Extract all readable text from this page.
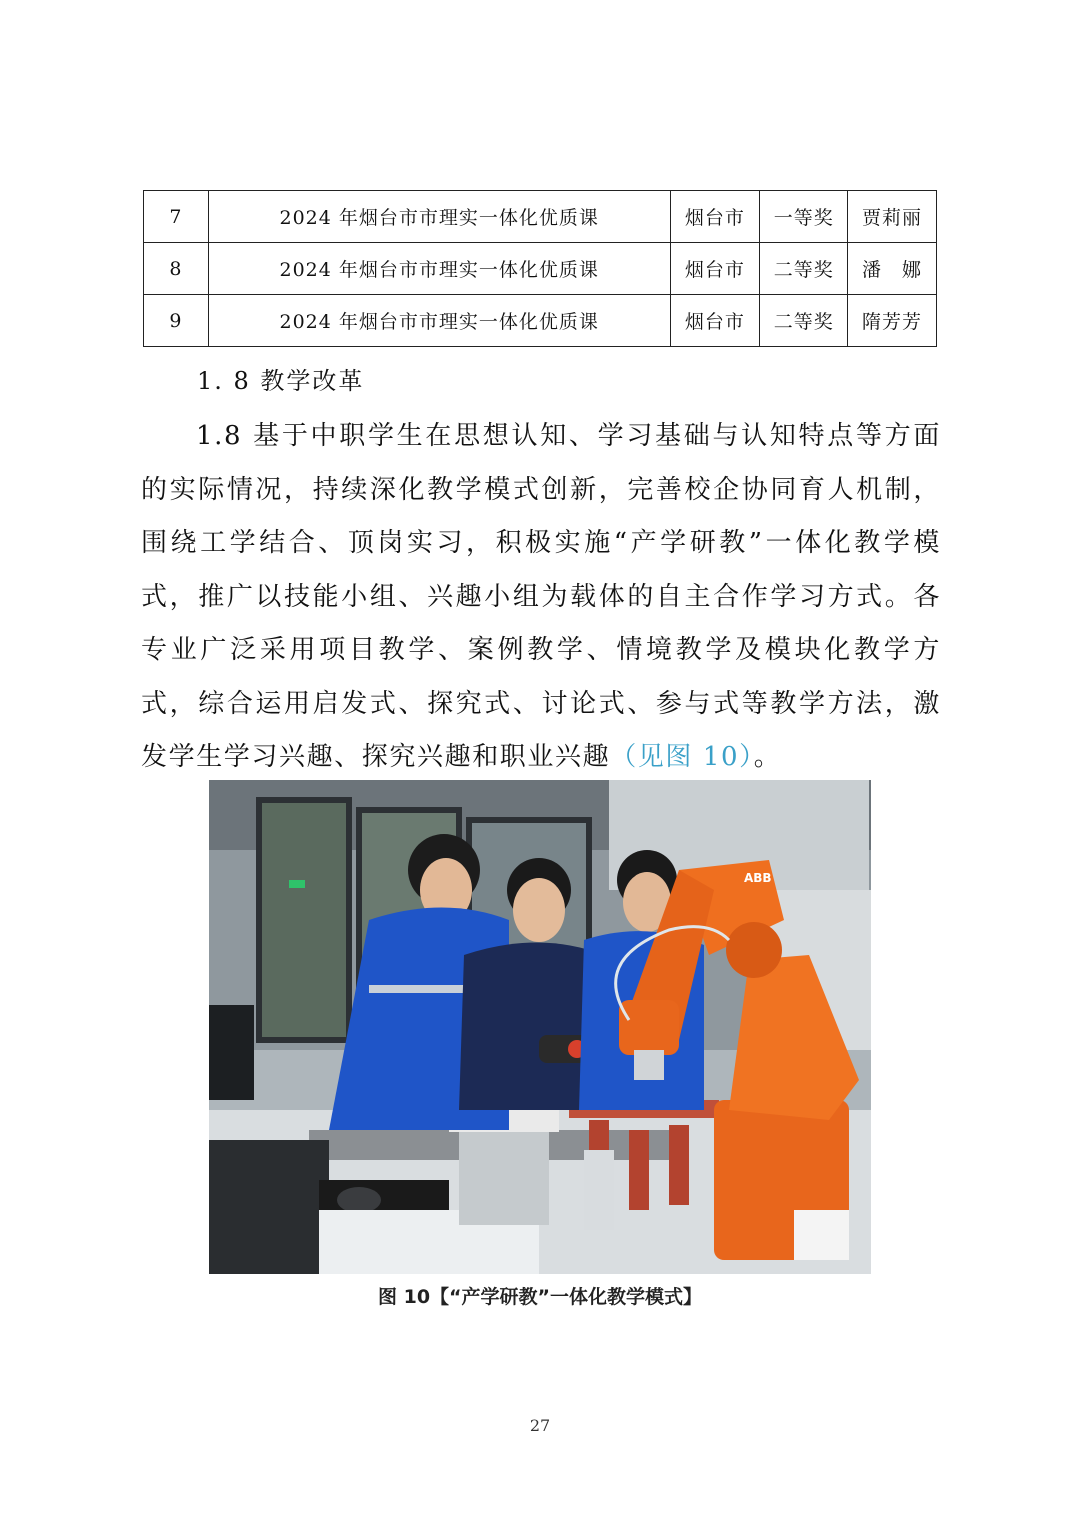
7	2024 年烟台市市理实一体化优质课	烟台市	一等奖	贾莉丽
8	2024 年烟台市市理实一体化优质课	烟台市	二等奖	潘　娜
9	2024 年烟台市市理实一体化优质课	烟台市	二等奖	隋芳芳
1. 8 教学改革

1.8 基于中职学生在思想认知、学习基础与认知特点等方面的实际情况，持续深化教学模式创新，完善校企协同育人机制，围绕工学结合、顶岗实习，积极实施“产学研教”一体化教学模式，推广以技能小组、兴趣小组为载体的自主合作学习方式。各专业广泛采用项目教学、案例教学、情境教学及模块化教学方式，综合运用启发式、探究式、讨论式、参与式等教学方法，激发学生学习兴趣、探究兴趣和职业兴趣（见图 10）。

ABB
图 10【“产学研教”一体化教学模式】
27
